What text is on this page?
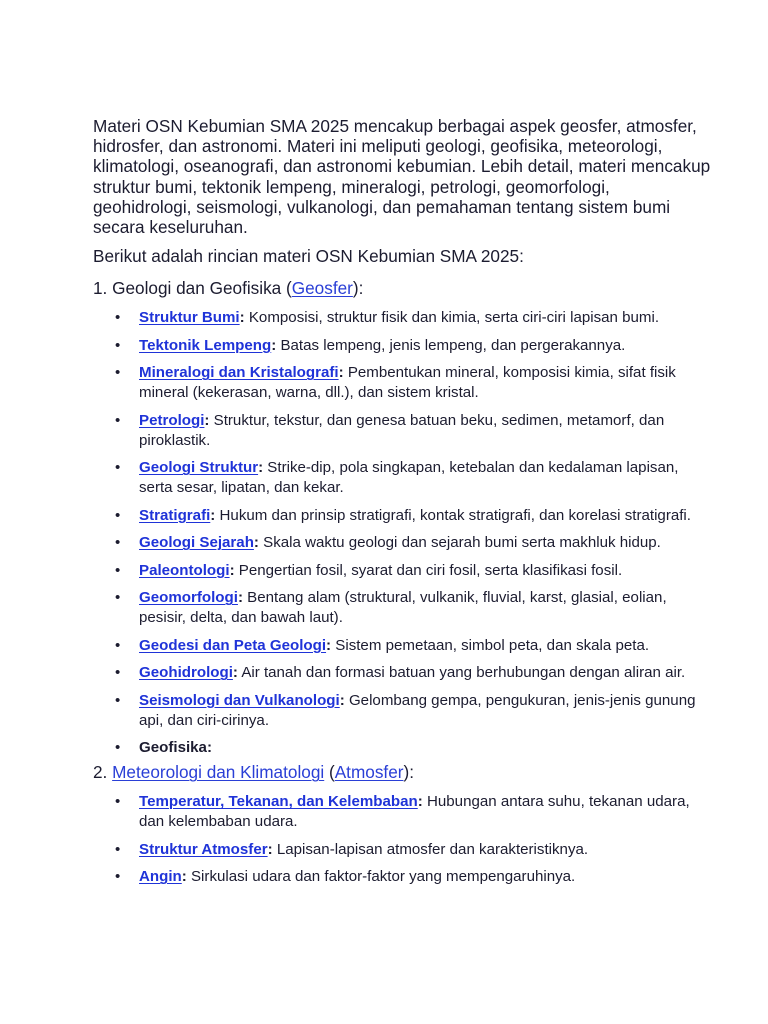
Materi OSN Kebumian SMA 2025 mencakup berbagai aspek geosfer, atmosfer, hidrosfer, dan astronomi. Materi ini meliputi geologi, geofisika, meteorologi, klimatologi, oseanografi, dan astronomi kebumian. Lebih detail, materi mencakup struktur bumi, tektonik lempeng, mineralogi, petrologi, geomorfologi, geohidrologi, seismologi, vulkanologi, dan pemahaman tentang sistem bumi secara keseluruhan.

Berikut adalah rincian materi OSN Kebumian SMA 2025:

1. Geologi dan Geofisika (Geosfer):

• Struktur Bumi: Komposisi, struktur fisik dan kimia, serta ciri-ciri lapisan bumi.
• Tektonik Lempeng: Batas lempeng, jenis lempeng, dan pergerakannya.
• Mineralogi dan Kristalografi: Pembentukan mineral, komposisi kimia, sifat fisik mineral (kekerasan, warna, dll.), dan sistem kristal.
• Petrologi: Struktur, tekstur, dan genesa batuan beku, sedimen, metamorf, dan piroklastik.
• Geologi Struktur: Strike-dip, pola singkapan, ketebalan dan kedalaman lapisan, serta sesar, lipatan, dan kekar.
• Stratigrafi: Hukum dan prinsip stratigrafi, kontak stratigrafi, dan korelasi stratigrafi.
• Geologi Sejarah: Skala waktu geologi dan sejarah bumi serta makhluk hidup.
• Paleontologi: Pengertian fosil, syarat dan ciri fosil, serta klasifikasi fosil.
• Geomorfologi: Bentang alam (struktural, vulkanik, fluvial, karst, glasial, eolian, pesisir, delta, dan bawah laut).
• Geodesi dan Peta Geologi: Sistem pemetaan, simbol peta, dan skala peta.
• Geohidrologi: Air tanah dan formasi batuan yang berhubungan dengan aliran air.
• Seismologi dan Vulkanologi: Gelombang gempa, pengukuran, jenis-jenis gunung api, dan ciri-cirinya.
• Geofisika:

2. Meteorologi dan Klimatologi (Atmosfer):

• Temperatur, Tekanan, dan Kelembaban: Hubungan antara suhu, tekanan udara, dan kelembaban udara.
• Struktur Atmosfer: Lapisan-lapisan atmosfer dan karakteristiknya.
• Angin: Sirkulasi udara dan faktor-faktor yang mempengaruhinya.
